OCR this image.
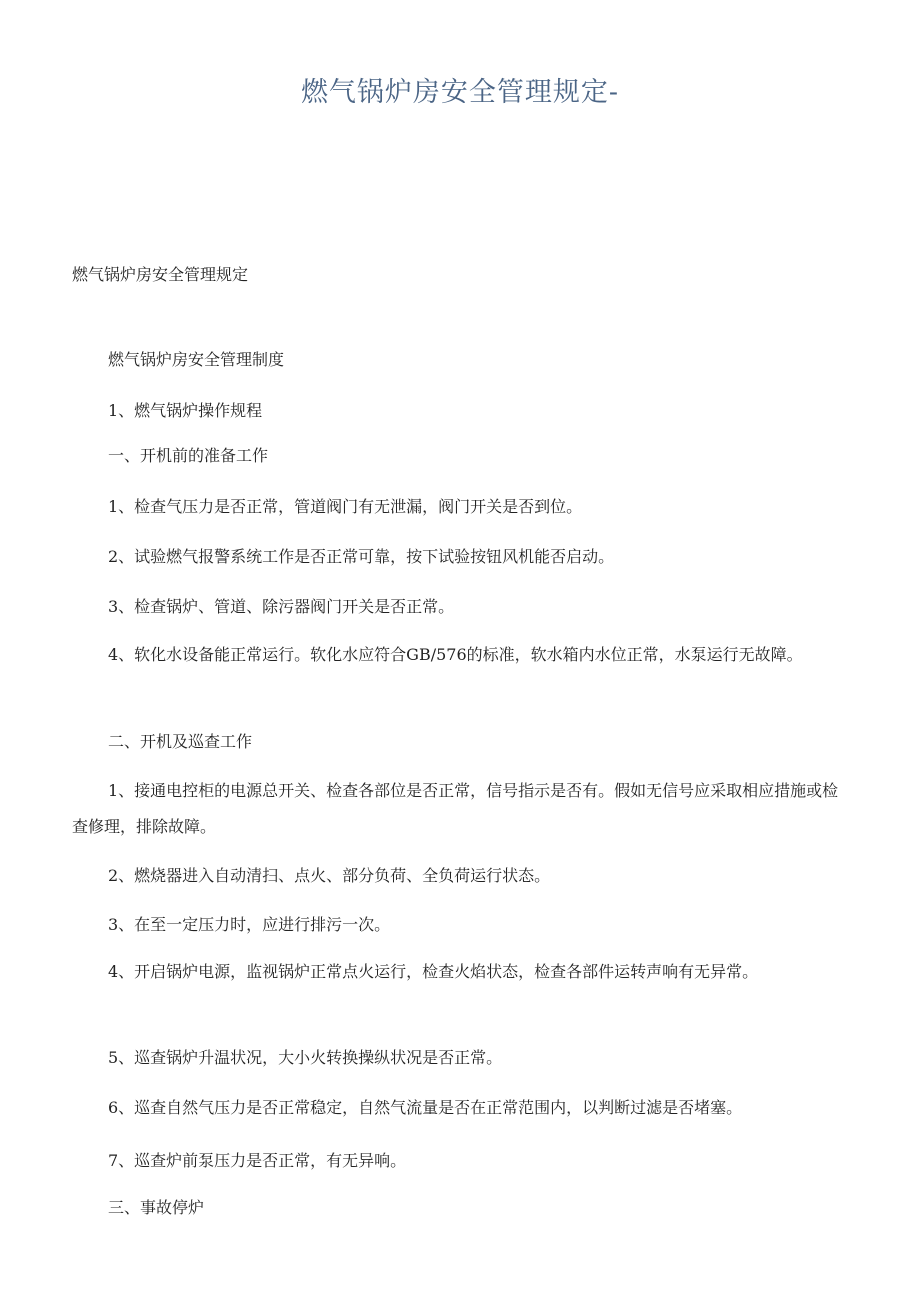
燃气锅炉房安全管理规定-

燃气锅炉房安全管理规定

燃气锅炉房安全管理制度

1、燃气锅炉操作规程

一、开机前的准备工作

1、检查气压力是否正常，管道阀门有无泄漏，阀门开关是否到位。

2、试验燃气报警系统工作是否正常可靠，按下试验按钮风机能否启动。

3、检查锅炉、管道、除污器阀门开关是否正常。

4、软化水设备能正常运行。软化水应符合GB/576的标准，软水箱内水位正常，水泵运行无故障。

二、开机及巡查工作

1、接通电控柜的电源总开关、检查各部位是否正常，信号指示是否有。假如无信号应采取相应措施或检查修理，排除故障。

2、燃烧器进入自动清扫、点火、部分负荷、全负荷运行状态。

3、在至一定压力时，应进行排污一次。

4、开启锅炉电源，监视锅炉正常点火运行，检查火焰状态，检查各部件运转声响有无异常。

5、巡查锅炉升温状况，大小火转换操纵状况是否正常。

6、巡查自然气压力是否正常稳定，自然气流量是否在正常范围内，以判断过滤是否堵塞。

7、巡查炉前泵压力是否正常，有无异响。

三、事故停炉
